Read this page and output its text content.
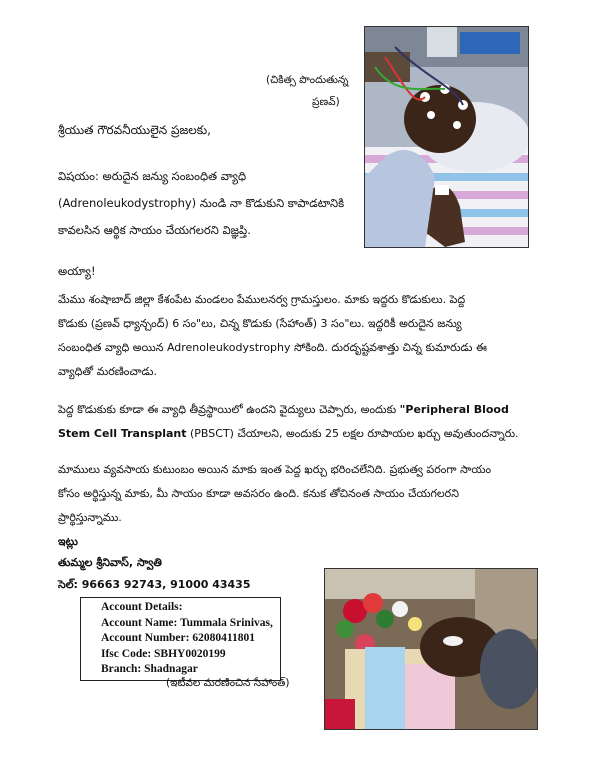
(చికిత్స పొందుతున్న
ప్రణవ్)
శ్రీయుత గౌరవనీయులైన ప్రజలకు,
విషయం: అరుదైన జన్యు సంబంధిత వ్యాధి
(Adrenoleukodystrophy) నుండి నా కొడుకుని కాపాడటానికి
కావలసిన ఆర్థిక సాయం చేయగలరని విజ్ఞప్తి.
అయ్యా!
మేము శంషాబాద్ జిల్లా కేశంపేట మండలం పేములనర్వ గ్రామస్తులం. మాకు ఇద్దరు కొడుకులు. పెద్ద
కొడుకు (ప్రణవ్ ధ్యాన్చంద్) 6 సం"లు, చిన్న కొడుకు (సేహాంత్) 3 సం"లు. ఇద్దరికీ అరుదైన జన్యు
సంబంధిత వ్యాధి అయిన Adrenoleukodystrophy సోకింది. దురదృష్టవశాత్తు చిన్న కుమారుడు ఈ
వ్యాధితో మరణించాడు.
పెద్ద కొడుకుకు కూడా ఈ వ్యాధి తీవ్రస్థాయిలో ఉందని వైద్యులు చెప్పారు, అందుకు "Peripheral Blood
Stem Cell Transplant (PBSCT) చేయాలని, అందుకు 25 లక్షల రూపాయల ఖర్చు అవుతుందన్నారు.
మాములు వ్యవసాయ కుటుంబం అయిన మాకు ఇంత పెద్ద ఖర్చు భరించలేనిది. ప్రభుత్వ పరంగా సాయం
కోసం అర్థిస్తున్న మాకు, మీ సాయం కూడా అవసరం ఉంది. కనుక తోచినంత సాయం చేయగలరని
ప్రార్థిస్తున్నాము.
ఇట్లు
తుమ్మల శ్రీనివాస్, స్వాతి
సెల్: 96663 92743, 91000 43435
Account Details:
Account Name: Tummala Srinivas,
Account Number: 62080411801
Ifsc Code: SBHY0020199
Branch: Shadnagar
(ఇటీవల మరణించిన సేహాంత్)
